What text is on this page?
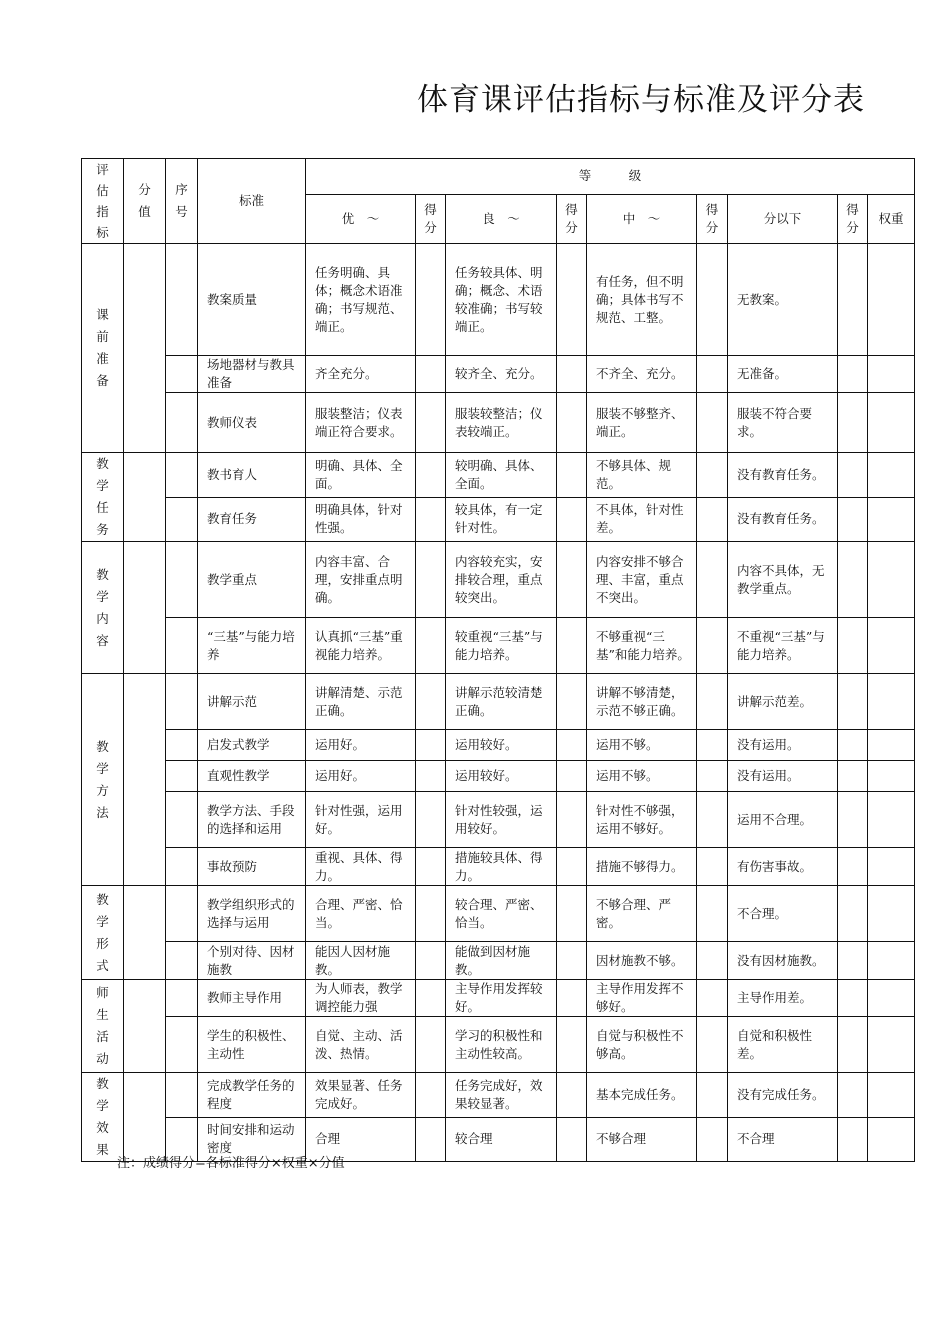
体育课评估指标与标准及评分表
评估指标	分值	序号	标准	等　　　级								
				优　～	得分	良　～	得分	中　～	得分	分以下	得分	权重
课前准备			教案质量	任务明确、具体；概念术语准确；书写规范、端正。		任务较具体、明确；概念、术语较准确；书写较端正。		有任务，但不明确；具体书写不规范、工整。		无教案。		
			场地器材与教具准备	齐全充分。		较齐全、充分。		不齐全、充分。		无准备。		
			教师仪表	服装整洁；仪表端正符合要求。		服装较整洁；仪表较端正。		服装不够整齐、端正。		服装不符合要求。		
教学任务			教书育人	明确、具体、全面。		较明确、具体、全面。		不够具体、规范。		没有教育任务。		
			教育任务	明确具体，针对性强。		较具体，有一定针对性。		不具体，针对性差。		没有教育任务。		
教学内容			教学重点	内容丰富、合理，安排重点明确。		内容较充实，安排较合理，重点较突出。		内容安排不够合理、丰富，重点不突出。		内容不具体，无教学重点。		
			“三基”与能力培养	认真抓“三基”重视能力培养。		较重视“三基”与能力培养。		不够重视“三基”和能力培养。		不重视“三基”与能力培养。		
教学方法			讲解示范	讲解清楚、示范正确。		讲解示范较清楚正确。		讲解不够清楚，示范不够正确。		讲解示范差。		
			启发式教学	运用好。		运用较好。		运用不够。		没有运用。		
			直观性教学	运用好。		运用较好。		运用不够。		没有运用。		
			教学方法、手段的选择和运用	针对性强，运用好。		针对性较强，运用较好。		针对性不够强，运用不够好。		运用不合理。		
			事故预防	重视、具体、得力。		措施较具体、得力。		措施不够得力。		有伤害事故。		
教学形式			教学组织形式的选择与运用	合理、严密、恰当。		较合理、严密、恰当。		不够合理、严密。		不合理。		
			个别对待、因材施教	能因人因材施教。		能做到因材施教。		因材施教不够。		没有因材施教。		
师生活动			教师主导作用	为人师表，教学调控能力强		主导作用发挥较好。		主导作用发挥不够好。		主导作用差。		
			学生的积极性、主动性	自觉、主动、活泼、热情。		学习的积极性和主动性较高。		自觉与积极性不够高。		自觉和积极性差。		
教学效果			完成教学任务的程度	效果显著、任务完成好。		任务完成好，效果较显著。		基本完成任务。		没有完成任务。		
			时间安排和运动密度	合理		较合理		不够合理		不合理		
注：成绩得分=各标准得分×权重×分值
